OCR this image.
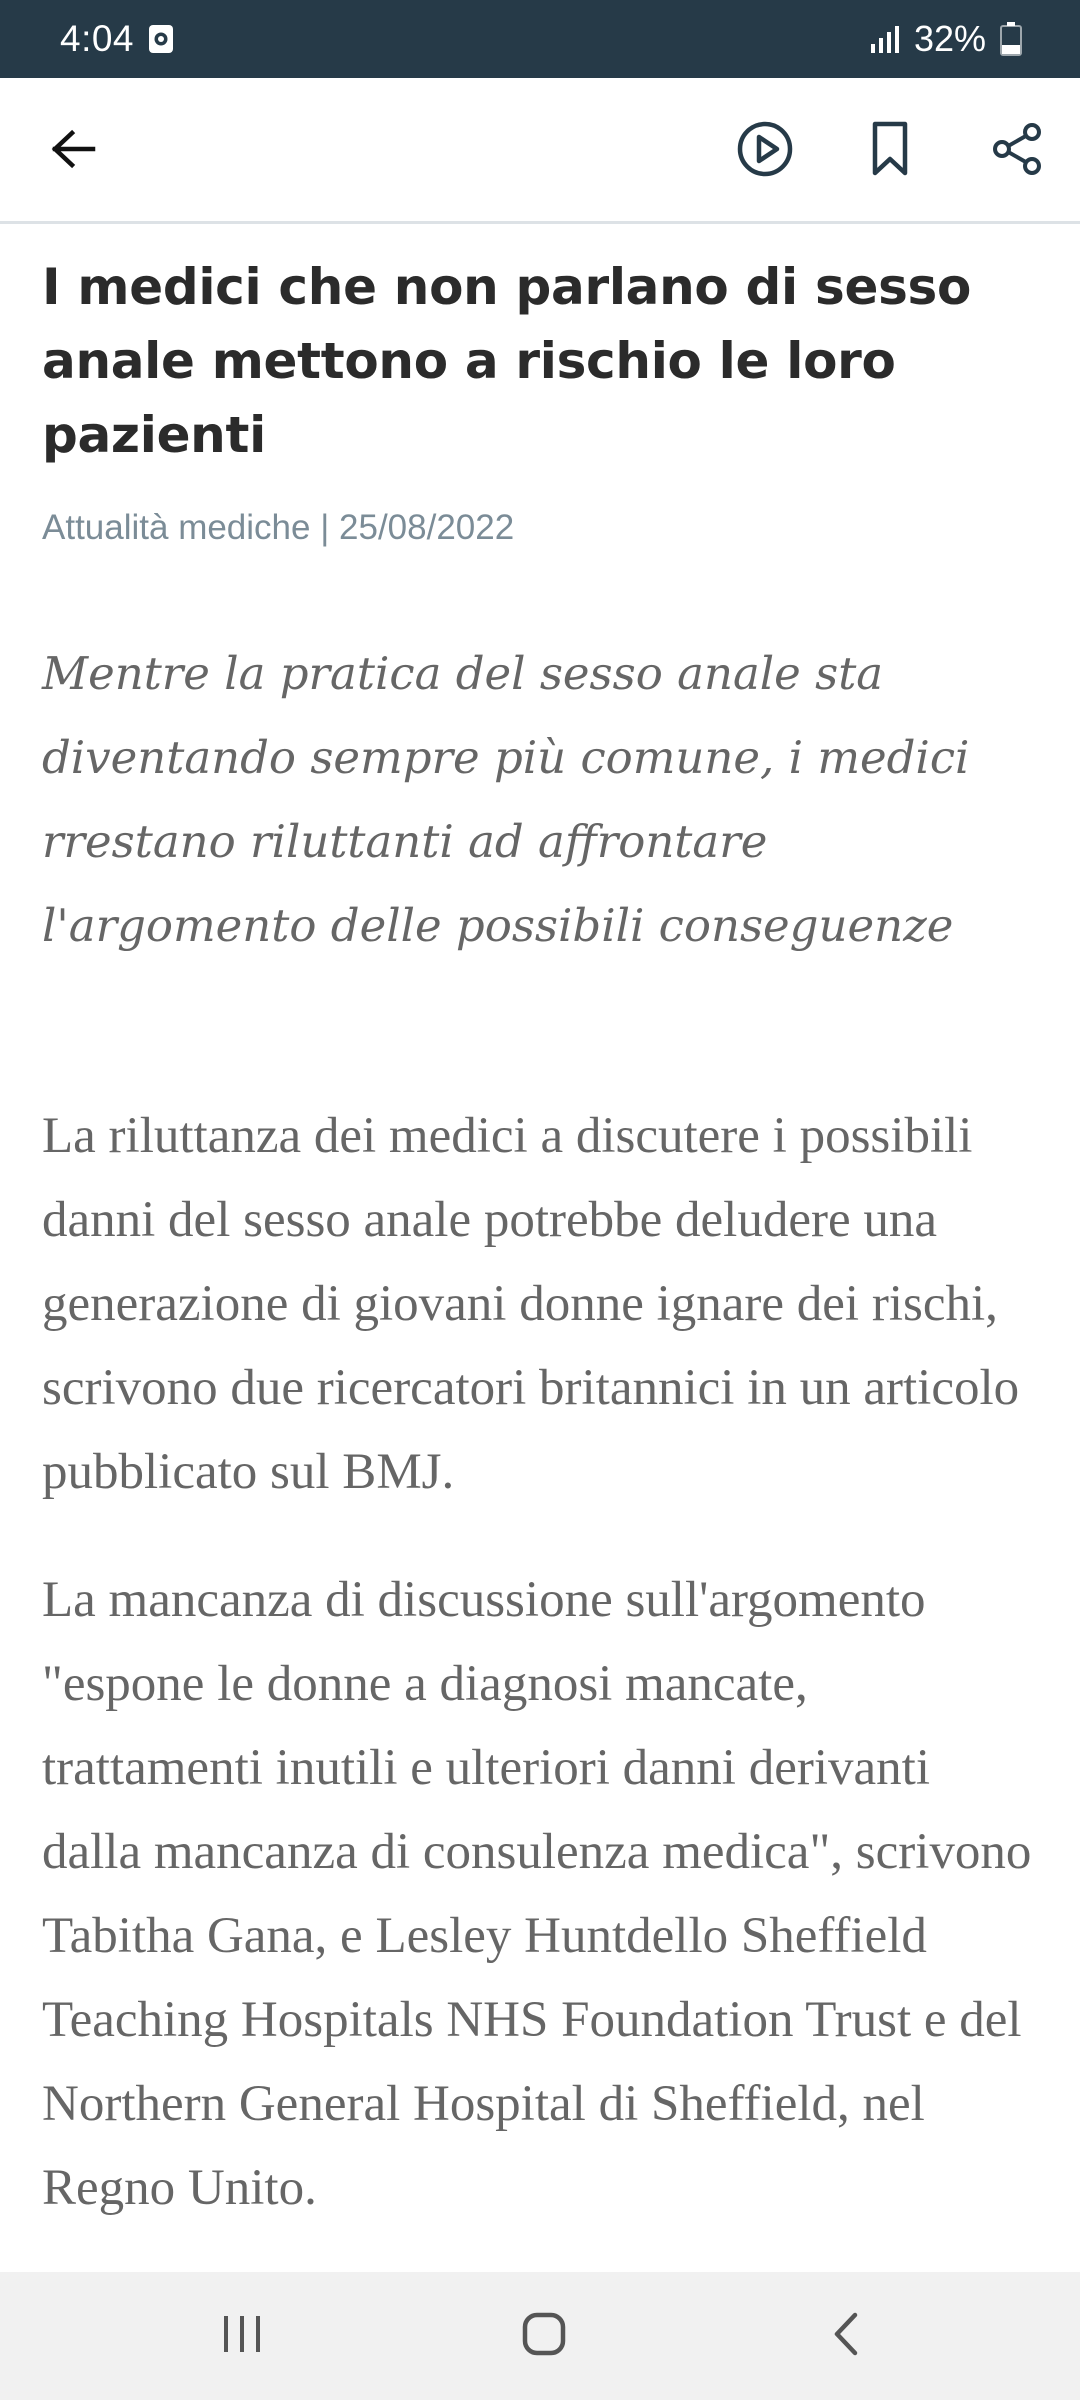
4:04	32%
I medici che non parlano di sesso anale mettono a rischio le loro pazienti
Attualità mediche | 25/08/2022

Mentre la pratica del sesso anale sta diventando sempre più comune, i medici rrestano riluttanti ad affrontare l'argomento delle possibili conseguenze

La riluttanza dei medici a discutere i possibili danni del sesso anale potrebbe deludere una generazione di giovani donne ignare dei rischi, scrivono due ricercatori britannici in un articolo pubblicato sul BMJ.

La mancanza di discussione sull'argomento "espone le donne a diagnosi mancate, trattamenti inutili e ulteriori danni derivanti dalla mancanza di consulenza medica", scrivono Tabitha Gana, e Lesley Huntdello Sheffield Teaching Hospitals NHS Foundation Trust e del Northern General Hospital di Sheffield, nel Regno Unito.
